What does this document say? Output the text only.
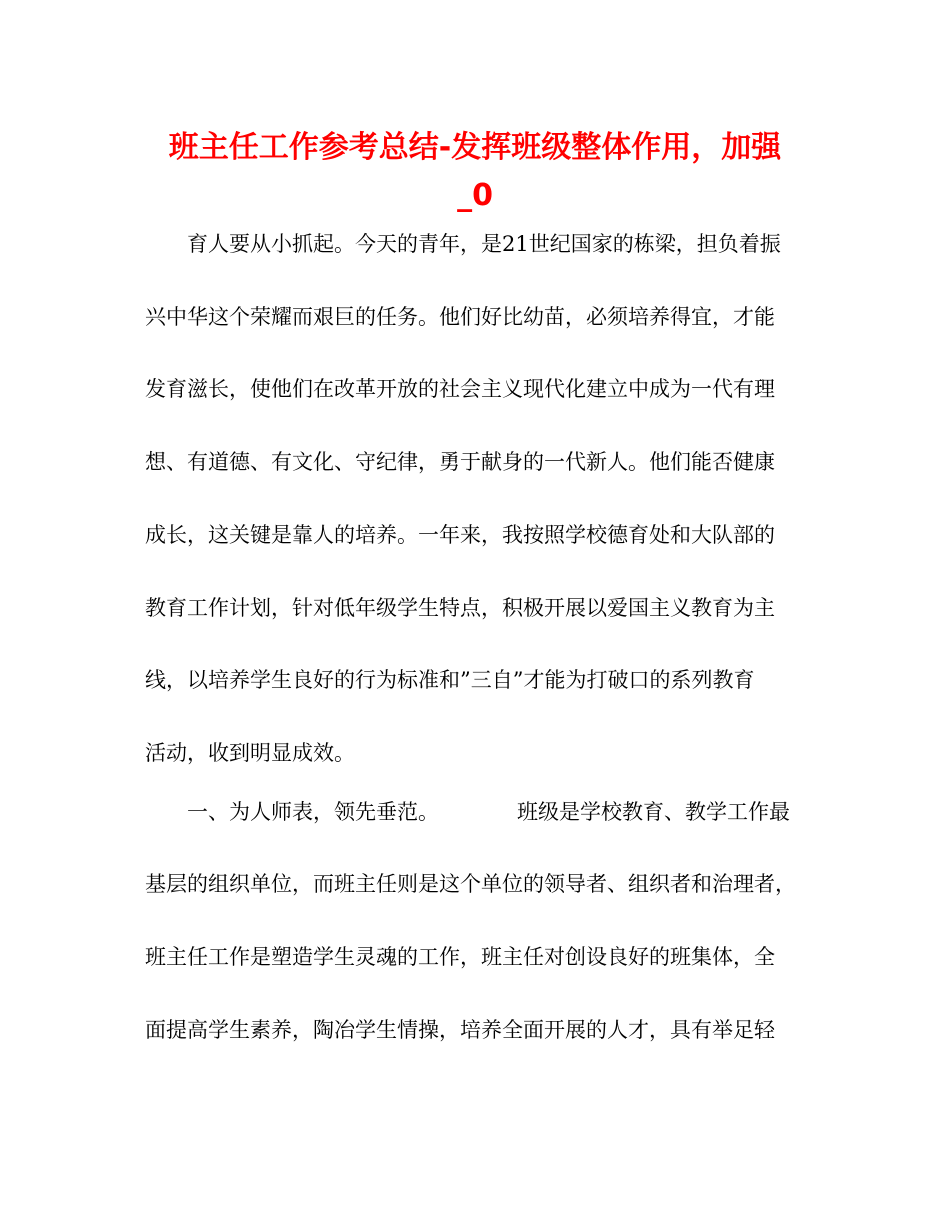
班主任工作参考总结-发挥班级整体作用，加强
_0

育人要从小抓起。今天的青年，是21世纪国家的栋梁，担负着振

兴中华这个荣耀而艰巨的任务。他们好比幼苗，必须培养得宜，才能

发育滋长，使他们在改革开放的社会主义现代化建立中成为一代有理

想、有道德、有文化、守纪律，勇于献身的一代新人。他们能否健康

成长，这关键是靠人的培养。一年来，我按照学校德育处和大队部的

教育工作计划，针对低年级学生特点，积极开展以爱国主义教育为主

线，以培养学生良好的行为标准和”三自”才能为打破口的系列教育

活动，收到明显成效。

一、为人师表，领先垂范。	班级是学校教育、教学工作最

基层的组织单位，而班主任则是这个单位的领导者、组织者和治理者，

班主任工作是塑造学生灵魂的工作，班主任对创设良好的班集体，全

面提高学生素养，陶冶学生情操，培养全面开展的人才，具有举足轻
